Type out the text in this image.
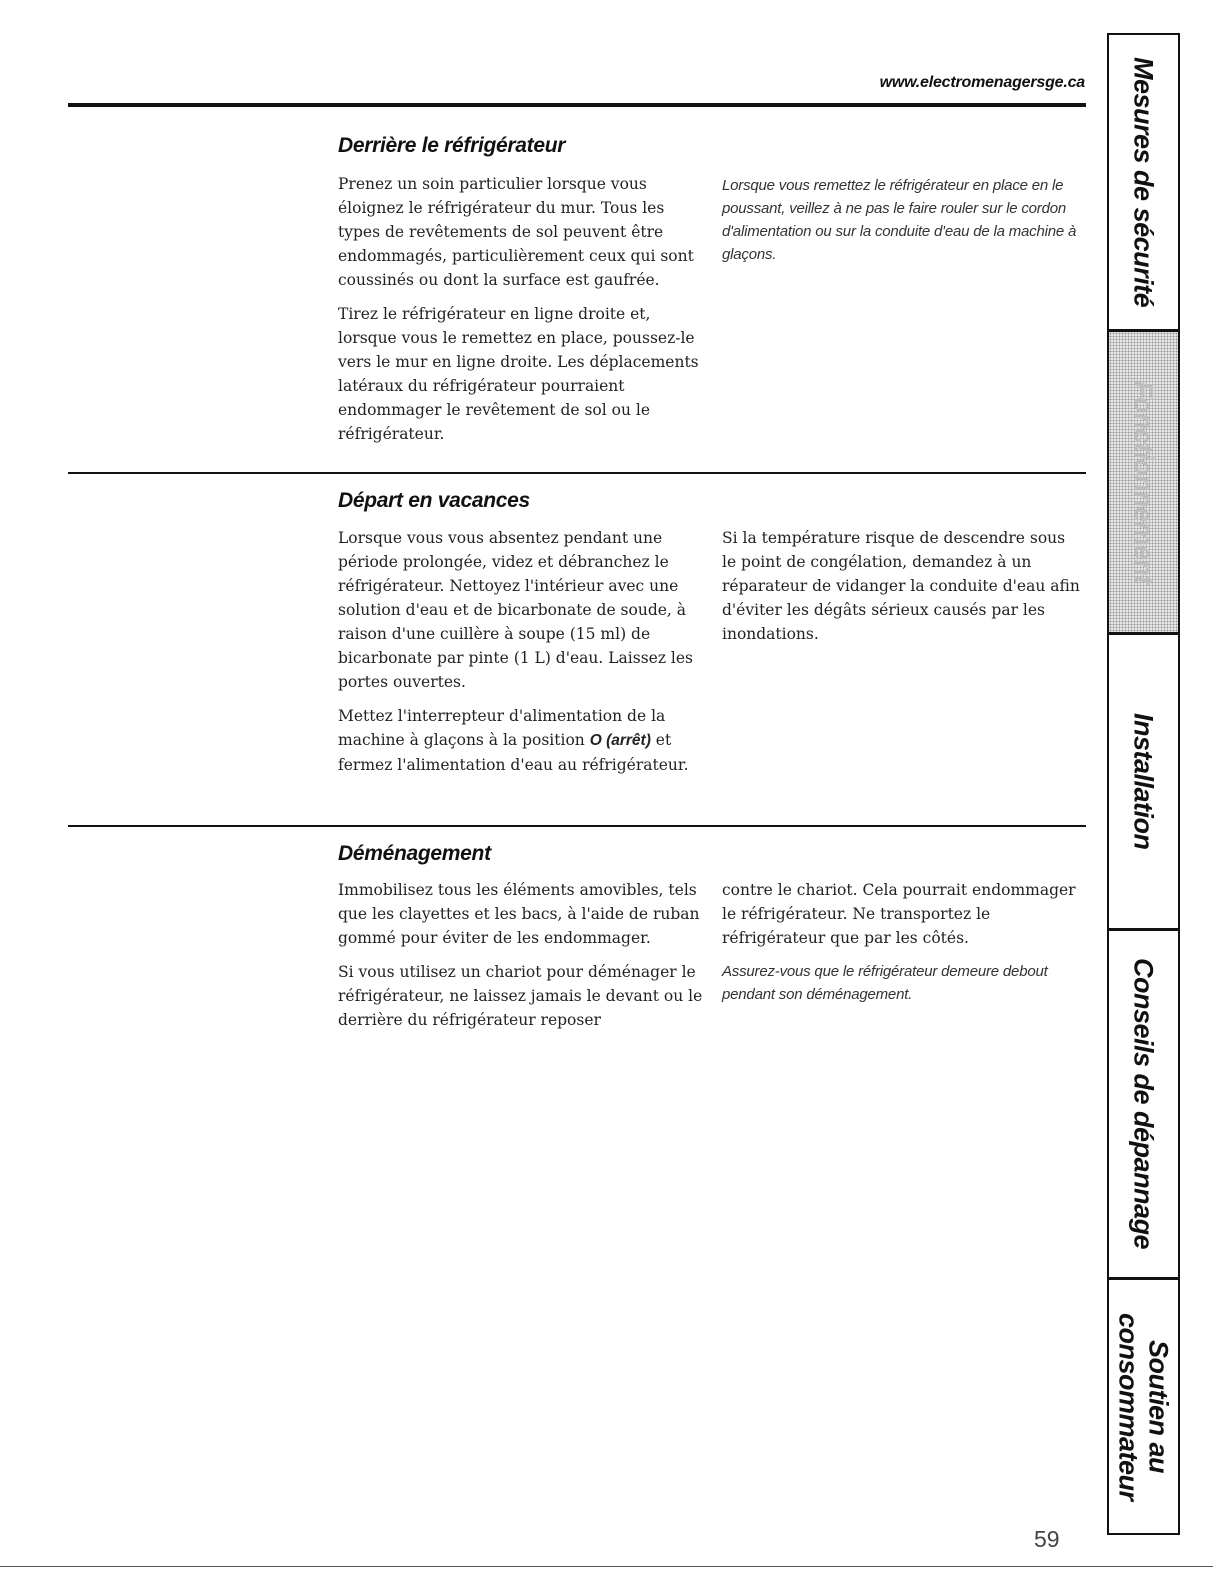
www.electromenagersge.ca
Derrière le réfrigérateur

Prenez un soin particulier lorsque vous éloignez le réfrigérateur du mur. Tous les types de revêtements de sol peuvent être endommagés, particulièrement ceux qui sont coussinés ou dont la surface est gaufrée.

Tirez le réfrigérateur en ligne droite et, lorsque vous le remettez en place, poussez-le vers le mur en ligne droite. Les déplacements latéraux du réfrigérateur pourraient endommager le revêtement de sol ou le réfrigérateur.

Lorsque vous remettez le réfrigérateur en place en le poussant, veillez à ne pas le faire rouler sur le cordon d'alimentation ou sur la conduite d'eau de la machine à glaçons.
Départ en vacances

Lorsque vous vous absentez pendant une période prolongée, videz et débranchez le réfrigérateur. Nettoyez l'intérieur avec une solution d'eau et de bicarbonate de soude, à raison d'une cuillère à soupe (15 ml) de bicarbonate par pinte (1 L) d'eau. Laissez les portes ouvertes.

Mettez l'interrepteur d'alimentation de la machine à glaçons à la position O (arrêt) et fermez l'alimentation d'eau au réfrigérateur.

Si la température risque de descendre sous le point de congélation, demandez à un réparateur de vidanger la conduite d'eau afin d'éviter les dégâts sérieux causés par les inondations.

Déménagement

Immobilisez tous les éléments amovibles, tels que les clayettes et les bacs, à l'aide de ruban gommé pour éviter de les endommager.

Si vous utilisez un chariot pour déménager le réfrigérateur, ne laissez jamais le devant ou le derrière du réfrigérateur reposer

contre le chariot. Cela pourrait endommager le réfrigérateur. Ne transportez le réfrigérateur que par les côtés.

Assurez-vous que le réfrigérateur demeure debout pendant son déménagement.

Mesures de sécurité
Fonctionnement
Installation
Conseils de dépannage
Soutien au
consommateur
59
